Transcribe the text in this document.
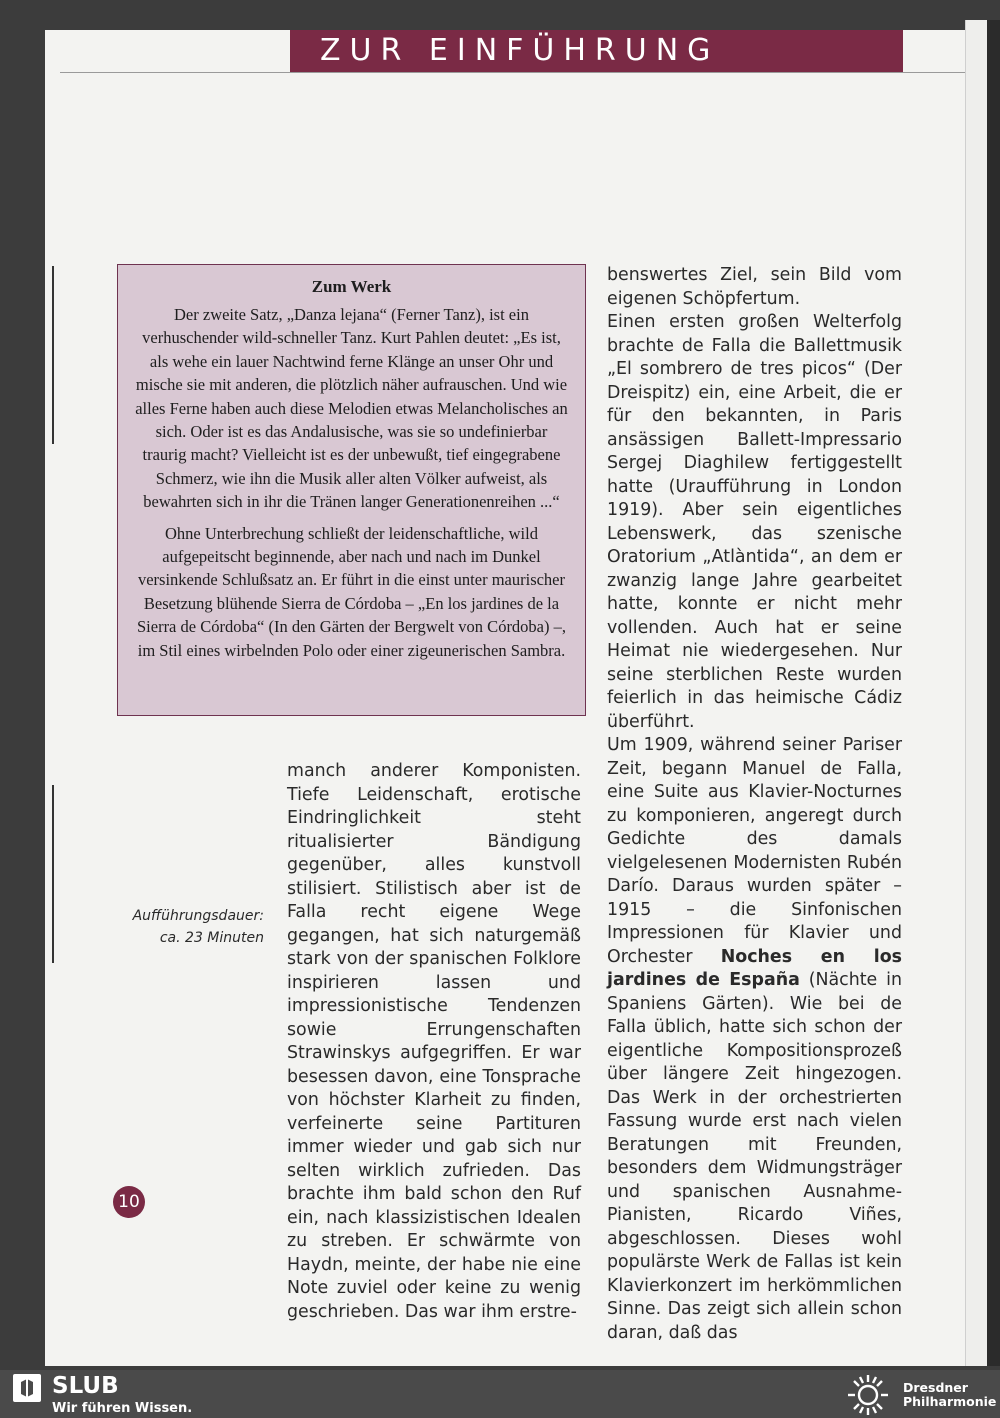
ZUR EINFÜHRUNG
Zum Werk

Der zweite Satz, „Danza lejana“ (Ferner Tanz), ist ein verhuschender wild-schneller Tanz. Kurt Pahlen deutet: „Es ist, als wehe ein lauer Nachtwind ferne Klänge an unser Ohr und mische sie mit anderen, die plötzlich näher aufrauschen. Und wie alles Ferne haben auch diese Melodien etwas Melancholisches an sich. Oder ist es das Andalusische, was sie so undefinierbar traurig macht? Vielleicht ist es der unbewußt, tief eingegrabene Schmerz, wie ihn die Musik aller alten Völker aufweist, als bewahrten sich in ihr die Tränen langer Generationenreihen ...“

Ohne Unterbrechung schließt der leidenschaftliche, wild aufgepeitscht beginnende, aber nach und nach im Dunkel versinkende Schlußsatz an. Er führt in die einst unter maurischer Besetzung blühende Sierra de Córdoba – „En los jardines de la Sierra de Córdoba“ (In den Gärten der Bergwelt von Córdoba) –, im Stil eines wirbelnden Polo oder einer zigeunerischen Sambra.

Aufführungsdauer:
ca. 23 Minuten

manch anderer Komponisten. Tiefe Leidenschaft, erotische Eindringlichkeit steht ritualisierter Bändigung gegenüber, alles kunstvoll stilisiert. Stilistisch aber ist de Falla recht eigene Wege gegangen, hat sich naturgemäß stark von der spanischen Folklore inspirieren lassen und impressionistische Tendenzen sowie Errungenschaften Strawinskys aufgegriffen. Er war besessen davon, eine Tonsprache von höchster Klarheit zu finden, verfeinerte seine Partituren immer wieder und gab sich nur selten wirklich zufrieden. Das brachte ihm bald schon den Ruf ein, nach klassizistischen Idealen zu streben. Er schwärmte von Haydn, meinte, der habe nie eine Note zuviel oder keine zu wenig geschrieben. Das war ihm erstre-

benswertes Ziel, sein Bild vom eigenen Schöpfertum.

Einen ersten großen Welterfolg brachte de Falla die Ballettmusik „El sombrero de tres picos“ (Der Dreispitz) ein, eine Arbeit, die er für den bekannten, in Paris ansässigen Ballett-Impressario Sergej Diaghilew fertiggestellt hatte (Uraufführung in London 1919). Aber sein eigentliches Lebenswerk, das szenische Oratorium „Atlàntida“, an dem er zwanzig lange Jahre gearbeitet hatte, konnte er nicht mehr vollenden. Auch hat er seine Heimat nie wiedergesehen. Nur seine sterblichen Reste wurden feierlich in das heimische Cádiz überführt.

Um 1909, während seiner Pariser Zeit, begann Manuel de Falla, eine Suite aus Klavier-Nocturnes zu komponieren, angeregt durch Gedichte des damals vielgelesenen Modernisten Rubén Darío. Daraus wurden später – 1915 – die Sinfonischen Impressionen für Klavier und Orchester Noches en los jardines de España (Nächte in Spaniens Gärten). Wie bei de Falla üblich, hatte sich schon der eigentliche Kompositionsprozeß über längere Zeit hingezogen. Das Werk in der orchestrierten Fassung wurde erst nach vielen Beratungen mit Freunden, besonders dem Widmungsträger und spanischen Ausnahme-Pianisten, Ricardo Viñes, abgeschlossen. Dieses wohl populärste Werk de Fallas ist kein Klavierkonzert im herkömmlichen Sinne. Das zeigt sich allein schon daran, daß das

10
SLUB
Wir führen Wissen.
Dresdner
Philharmonie
